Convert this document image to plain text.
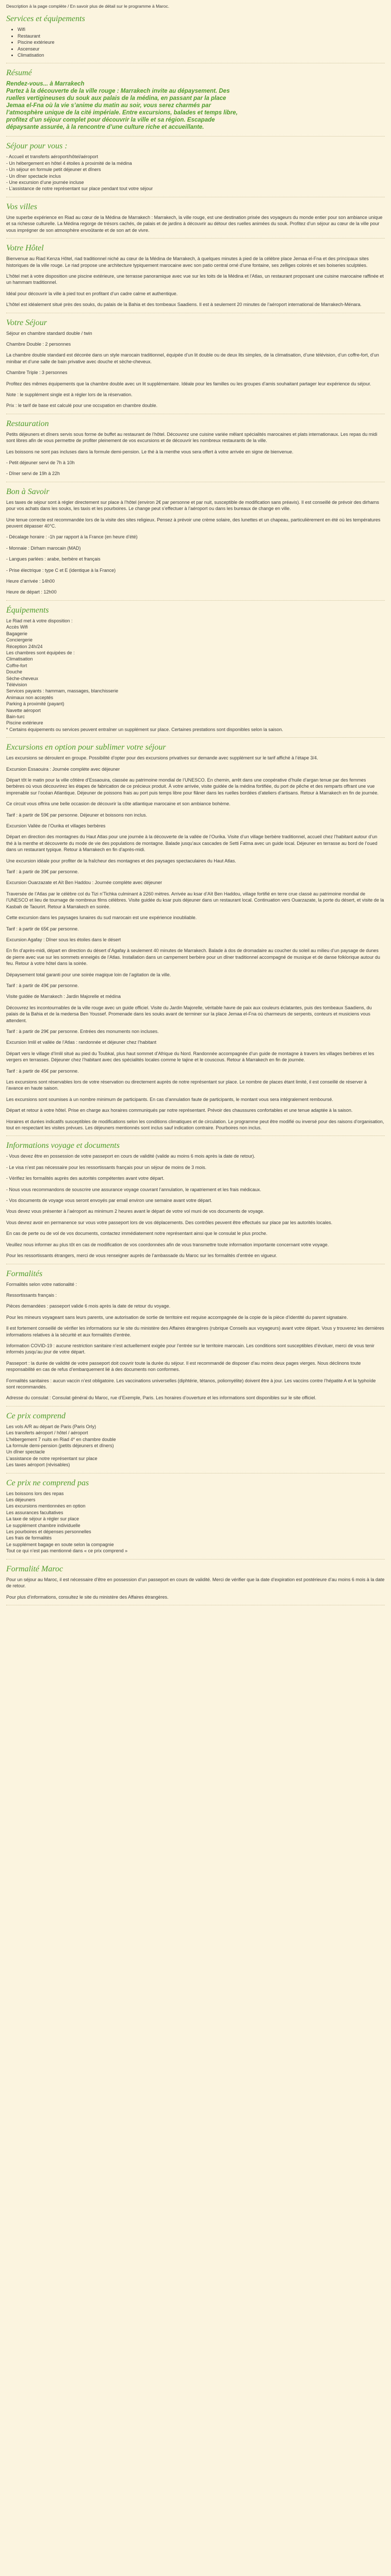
Description à la page complète / En savoir plus de détail sur le programme à Maroc.

Services et équipements
• Wifi
• Restaurant
• Piscine extérieure
• Ascenseur
• Climatisation
Résumé
Rendez-vous... à Marrakech
Partez à la découverte de la ville rouge : Marrakech invite au dépaysement. Des
ruelles vertigineuses du souk aux palais de la médina, en passant par la place
Jemaa el-Fna où la vie s’anime du matin au soir, vous serez charmés par
l’atmosphère unique de la cité impériale. Entre excursions, balades et temps libre,
profitez d’un séjour complet pour découvrir la ville et sa région. Escapade
dépaysante assurée, à la rencontre d’une culture riche et accueillante.
Séjour pour vous :
- Accueil et transferts aéroport/hôtel/aéroport
- Un hébergement en hôtel 4 étoiles à proximité de la médina
- Un séjour en formule petit déjeuner et dîners
- Un dîner spectacle inclus
- Une excursion d’une journée incluse
- L’assistance de notre représentant sur place pendant tout votre séjour
Vos villes

Une superbe expérience en Riad au cœur de la Médina de Marrakech : Marrakech, la ville rouge, est une destination prisée des voyageurs du monde entier pour son ambiance unique et sa richesse culturelle. La Médina regorge de trésors cachés, de palais et de jardins à découvrir au détour des ruelles animées du souk. Profitez d’un séjour au cœur de la ville pour vous imprégner de son atmosphère envoûtante et de son art de vivre.

Votre Hôtel

Bienvenue au Riad Kenza Hôtel, riad traditionnel niché au cœur de la Médina de Marrakech, à quelques minutes à pied de la célèbre place Jemaa el-Fna et des principaux sites historiques de la ville rouge. Le riad propose une architecture typiquement marocaine avec son patio central orné d’une fontaine, ses zelliges colorés et ses boiseries sculptées.

L’hôtel met à votre disposition une piscine extérieure, une terrasse panoramique avec vue sur les toits de la Médina et l’Atlas, un restaurant proposant une cuisine marocaine raffinée et un hammam traditionnel.

Idéal pour découvrir la ville à pied tout en profitant d’un cadre calme et authentique.

L’hôtel est idéalement situé près des souks, du palais de la Bahia et des tombeaux Saadiens. Il est à seulement 20 minutes de l’aéroport international de Marrakech-Ménara.

Votre Séjour

Séjour en chambre standard double / twin

Chambre Double : 2 personnes

La chambre double standard est décorée dans un style marocain traditionnel, équipée d’un lit double ou de deux lits simples, de la climatisation, d’une télévision, d’un coffre-fort, d’un minibar et d’une salle de bain privative avec douche et sèche-cheveux.

Chambre Triple : 3 personnes

Profitez des mêmes équipements que la chambre double avec un lit supplémentaire. Idéale pour les familles ou les groupes d’amis souhaitant partager leur expérience du séjour.

Note : le supplément single est à régler lors de la réservation.

Prix : le tarif de base est calculé pour une occupation en chambre double.

Restauration

Petits déjeuners et dîners servis sous forme de buffet au restaurant de l’hôtel. Découvrez une cuisine variée mêlant spécialités marocaines et plats internationaux. Les repas du midi sont libres afin de vous permettre de profiter pleinement de vos excursions et de découvrir les nombreux restaurants de la ville.

Les boissons ne sont pas incluses dans la formule demi-pension. Le thé à la menthe vous sera offert à votre arrivée en signe de bienvenue.

- Petit déjeuner servi de 7h à 10h

- Dîner servi de 19h à 22h

Bon à Savoir

Les taxes de séjour sont à régler directement sur place à l’hôtel (environ 2€ par personne et par nuit, susceptible de modification sans préavis). Il est conseillé de prévoir des dirhams pour vos achats dans les souks, les taxis et les pourboires. Le change peut s’effectuer à l’aéroport ou dans les bureaux de change en ville.

Une tenue correcte est recommandée lors de la visite des sites religieux. Pensez à prévoir une crème solaire, des lunettes et un chapeau, particulièrement en été où les températures peuvent dépasser 40°C.

- Décalage horaire : -1h par rapport à la France (en heure d’été)

- Monnaie : Dirham marocain (MAD)

- Langues parlées : arabe, berbère et français

- Prise électrique : type C et E (identique à la France)

Heure d’arrivée : 14h00

Heure de départ : 12h00

Équipements
Le Riad met à votre disposition :
Accès Wifi
Bagagerie
Conciergerie
Réception 24h/24
Les chambres sont équipées de :
Climatisation
Coffre-fort
Douche
Sèche-cheveux
Télévision
Services payants : hammam, massages, blanchisserie
Animaux non acceptés
Parking à proximité (payant)
Navette aéroport
Bain-turc
Piscine extérieure
* Certains équipements ou services peuvent entraîner un supplément sur place. Certaines prestations sont disponibles selon la saison.
Excursions en option pour sublimer votre séjour

Les excursions se déroulent en groupe. Possibilité d’opter pour des excursions privatives sur demande avec supplément sur le tarif affiché à l’étape 3/4.

Excursion Essaouira : Journée complète avec déjeuner

Départ tôt le matin pour la ville côtière d’Essaouira, classée au patrimoine mondial de l’UNESCO. En chemin, arrêt dans une coopérative d’huile d’argan tenue par des femmes berbères où vous découvrirez les étapes de fabrication de ce précieux produit. À votre arrivée, visite guidée de la médina fortifiée, du port de pêche et des remparts offrant une vue imprenable sur l’océan Atlantique. Déjeuner de poissons frais au port puis temps libre pour flâner dans les ruelles bordées d’ateliers d’artisans. Retour à Marrakech en fin de journée.

Ce circuit vous offrira une belle occasion de découvrir la côte atlantique marocaine et son ambiance bohème.

Tarif : à partir de 59€ par personne. Déjeuner et boissons non inclus.

Excursion Vallée de l’Ourika et villages berbères

Départ en direction des montagnes du Haut Atlas pour une journée à la découverte de la vallée de l’Ourika. Visite d’un village berbère traditionnel, accueil chez l’habitant autour d’un thé à la menthe et découverte du mode de vie des populations de montagne. Balade jusqu’aux cascades de Setti Fatma avec un guide local. Déjeuner en terrasse au bord de l’oued dans un restaurant typique. Retour à Marrakech en fin d’après-midi.

Une excursion idéale pour profiter de la fraîcheur des montagnes et des paysages spectaculaires du Haut Atlas.

Tarif : à partir de 39€ par personne.

Excursion Ouarzazate et Aït Ben Haddou : Journée complète avec déjeuner

Traversée de l’Atlas par le célèbre col du Tizi n’Tichka culminant à 2260 mètres. Arrivée au ksar d’Aït Ben Haddou, village fortifié en terre crue classé au patrimoine mondial de l’UNESCO et lieu de tournage de nombreux films célèbres. Visite guidée du ksar puis déjeuner dans un restaurant local. Continuation vers Ouarzazate, la porte du désert, et visite de la Kasbah de Taourirt. Retour à Marrakech en soirée.

Cette excursion dans les paysages lunaires du sud marocain est une expérience inoubliable.

Tarif : à partir de 65€ par personne.

Excursion Agafay : Dîner sous les étoiles dans le désert

En fin d’après-midi, départ en direction du désert d’Agafay à seulement 40 minutes de Marrakech. Balade à dos de dromadaire au coucher du soleil au milieu d’un paysage de dunes de pierre avec vue sur les sommets enneigés de l’Atlas. Installation dans un campement berbère pour un dîner traditionnel accompagné de musique et de danse folklorique autour du feu. Retour à votre hôtel dans la soirée.

Dépaysement total garanti pour une soirée magique loin de l’agitation de la ville.

Tarif : à partir de 49€ par personne.

Visite guidée de Marrakech : Jardin Majorelle et médina

Découvrez les incontournables de la ville rouge avec un guide officiel. Visite du Jardin Majorelle, véritable havre de paix aux couleurs éclatantes, puis des tombeaux Saadiens, du palais de la Bahia et de la medersa Ben Youssef. Promenade dans les souks avant de terminer sur la place Jemaa el-Fna où charmeurs de serpents, conteurs et musiciens vous attendent.

Tarif : à partir de 29€ par personne. Entrées des monuments non incluses.

Excursion Imlil et vallée de l’Atlas : randonnée et déjeuner chez l’habitant

Départ vers le village d’Imlil situé au pied du Toubkal, plus haut sommet d’Afrique du Nord. Randonnée accompagnée d’un guide de montagne à travers les villages berbères et les vergers en terrasses. Déjeuner chez l’habitant avec des spécialités locales comme le tajine et le couscous. Retour à Marrakech en fin de journée.

Tarif : à partir de 45€ par personne.

Les excursions sont réservables lors de votre réservation ou directement auprès de notre représentant sur place. Le nombre de places étant limité, il est conseillé de réserver à l’avance en haute saison.

Les excursions sont soumises à un nombre minimum de participants. En cas d’annulation faute de participants, le montant vous sera intégralement remboursé.

Départ et retour à votre hôtel. Prise en charge aux horaires communiqués par notre représentant. Prévoir des chaussures confortables et une tenue adaptée à la saison.

Horaires et durées indicatifs susceptibles de modifications selon les conditions climatiques et de circulation. Le programme peut être modifié ou inversé pour des raisons d’organisation, tout en respectant les visites prévues. Les déjeuners mentionnés sont inclus sauf indication contraire. Pourboires non inclus.

Informations voyage et documents

- Vous devez être en possession de votre passeport en cours de validité (valide au moins 6 mois après la date de retour).

- Le visa n’est pas nécessaire pour les ressortissants français pour un séjour de moins de 3 mois.

- Vérifiez les formalités auprès des autorités compétentes avant votre départ.

- Nous vous recommandons de souscrire une assurance voyage couvrant l’annulation, le rapatriement et les frais médicaux.

- Vos documents de voyage vous seront envoyés par email environ une semaine avant votre départ.

Vous devez vous présenter à l’aéroport au minimum 2 heures avant le départ de votre vol muni de vos documents de voyage.

Vous devrez avoir en permanence sur vous votre passeport lors de vos déplacements. Des contrôles peuvent être effectués sur place par les autorités locales.

En cas de perte ou de vol de vos documents, contactez immédiatement notre représentant ainsi que le consulat le plus proche.

Veuillez nous informer au plus tôt en cas de modification de vos coordonnées afin de vous transmettre toute information importante concernant votre voyage.

Pour les ressortissants étrangers, merci de vous renseigner auprès de l’ambassade du Maroc sur les formalités d’entrée en vigueur.

Formalités

Formalités selon votre nationalité :

Ressortissants français :

Pièces demandées : passeport valide 6 mois après la date de retour du voyage.

Pour les mineurs voyageant sans leurs parents, une autorisation de sortie de territoire est requise accompagnée de la copie de la pièce d’identité du parent signataire.

Il est fortement conseillé de vérifier les informations sur le site du ministère des Affaires étrangères (rubrique Conseils aux voyageurs) avant votre départ. Vous y trouverez les dernières informations relatives à la sécurité et aux formalités d’entrée.

Information COVID-19 : aucune restriction sanitaire n’est actuellement exigée pour l’entrée sur le territoire marocain. Les conditions sont susceptibles d’évoluer, merci de vous tenir informés jusqu’au jour de votre départ.

Passeport : la durée de validité de votre passeport doit couvrir toute la durée du séjour. Il est recommandé de disposer d’au moins deux pages vierges. Nous déclinons toute responsabilité en cas de refus d’embarquement lié à des documents non conformes.

Formalités sanitaires : aucun vaccin n’est obligatoire. Les vaccinations universelles (diphtérie, tétanos, poliomyélite) doivent être à jour. Les vaccins contre l’hépatite A et la typhoïde sont recommandés.

Adresse du consulat : Consulat général du Maroc, rue d’Exemple, Paris. Les horaires d’ouverture et les informations sont disponibles sur le site officiel.

Ce prix comprend
Les vols A/R au départ de Paris (Paris Orly)
Les transferts aéroport / hôtel / aéroport
L’hébergement 7 nuits en Riad 4* en chambre double
La formule demi-pension (petits déjeuners et dîners)
Un dîner spectacle
L’assistance de notre représentant sur place
Les taxes aéroport (révisables)
Ce prix ne comprend pas
Les boissons lors des repas
Les déjeuners
Les excursions mentionnées en option
Les assurances facultatives
La taxe de séjour à régler sur place
Le supplément chambre individuelle
Les pourboires et dépenses personnelles
Les frais de formalités
Le supplément bagage en soute selon la compagnie
Tout ce qui n’est pas mentionné dans « ce prix comprend »
Formalité Maroc

Pour un séjour au Maroc, il est nécessaire d’être en possession d’un passeport en cours de validité. Merci de vérifier que la date d’expiration est postérieure d’au moins 6 mois à la date de retour.

Pour plus d’informations, consultez le site du ministère des Affaires étrangères.
